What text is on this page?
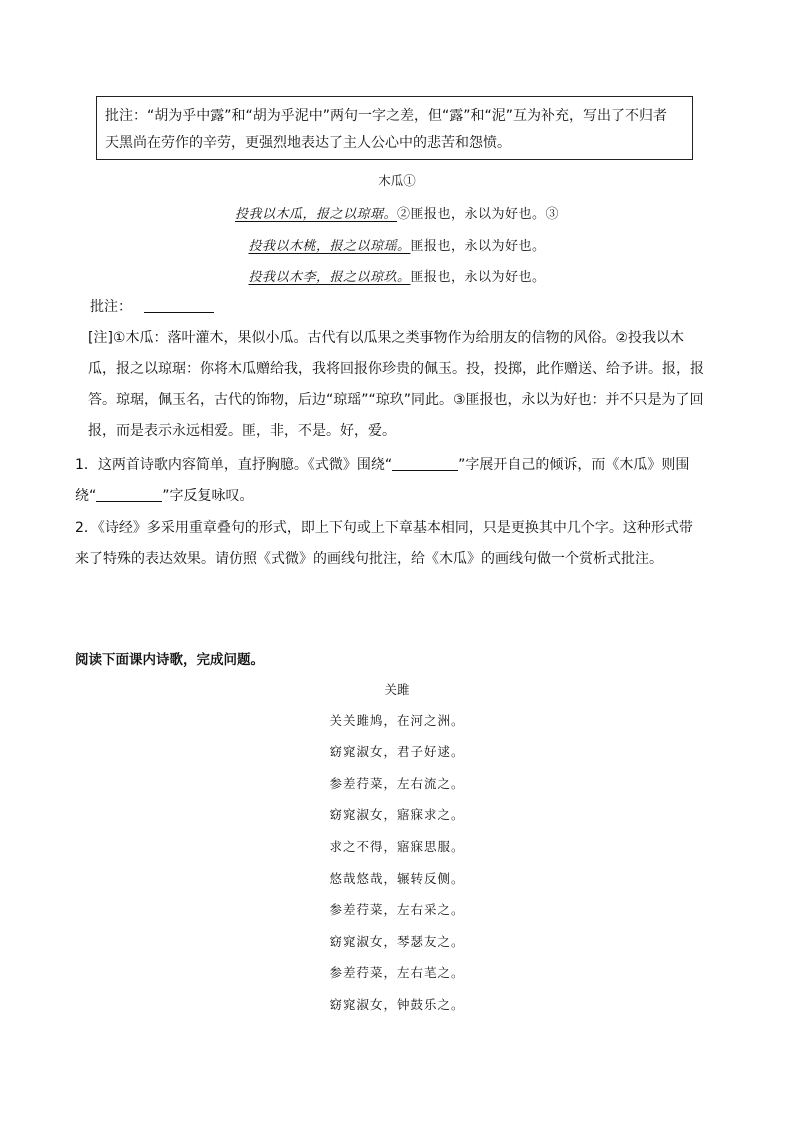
批注：“胡为乎中露”和“胡为乎泥中”两句一字之差，但“露”和“泥”互为补充，写出了不归者
天黑尚在劳作的辛劳，更强烈地表达了主人公心中的悲苦和怨愤。
木瓜①
投我以木瓜，报之以琼琚。②匪报也，永以为好也。③
投我以木桃，报之以琼瑶。匪报也，永以为好也。
投我以木李，报之以琼玖。匪报也，永以为好也。
批注：
[注]①木瓜：落叶灌木，果似小瓜。古代有以瓜果之类事物作为给朋友的信物的风俗。②投我以木
瓜，报之以琼琚：你将木瓜赠给我，我将回报你珍贵的佩玉。投，投掷，此作赠送、给予讲。报，报
答。琼琚，佩玉名，古代的饰物，后边“琼瑶”“琼玖”同此。③匪报也，永以为好也：并不只是为了回
报，而是表示永远相爱。匪，非，不是。好，爱。
1．这两首诗歌内容简单，直抒胸臆。《式微》围绕“	”字展开自己的倾诉，而《木瓜》则围
绕“	”字反复咏叹。
2．《诗经》多采用重章叠句的形式，即上下句或上下章基本相同，只是更换其中几个字。这种形式带
来了特殊的表达效果。请仿照《式微》的画线句批注，给《木瓜》的画线句做一个赏析式批注。
阅读下面课内诗歌，完成问题。
关雎
关关雎鸠，在河之洲。
窈窕淑女，君子好逑。
参差荇菜，左右流之。
窈窕淑女，寤寐求之。
求之不得，寤寐思服。
悠哉悠哉，辗转反侧。
参差荇菜，左右采之。
窈窕淑女，琴瑟友之。
参差荇菜，左右芼之。
窈窕淑女，钟鼓乐之。
